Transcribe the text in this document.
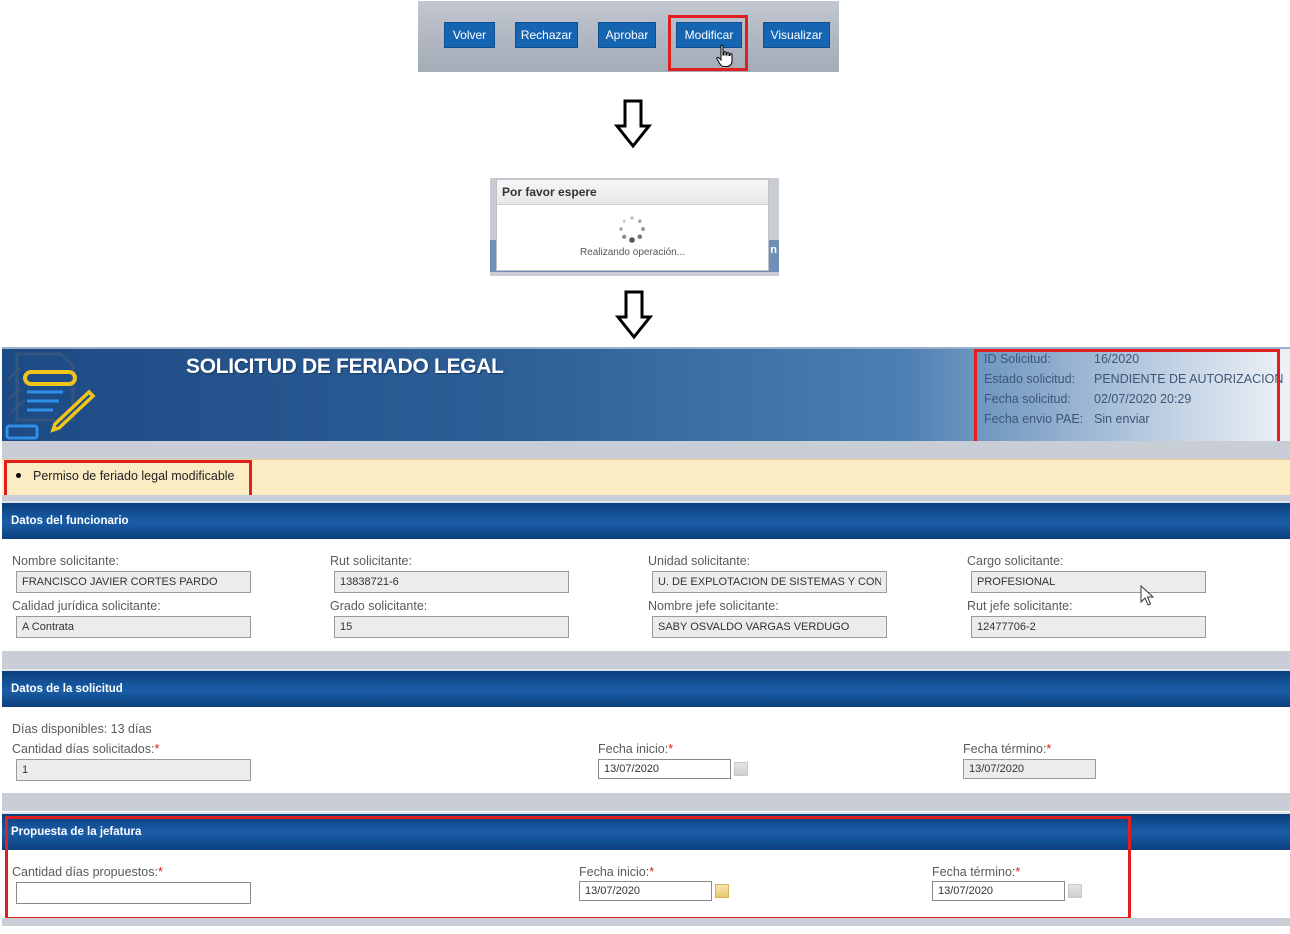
Volver	Rechazar	Aprobar	Modificar	Visualizar
n
Por favor espere
Realizando operación...
SOLICITUD DE FERIADO LEGAL	ID Solicitud:	16/2020
Estado solicitud: PENDIENTE DE AUTORIZACION
Fecha solicitud: 02/07/2020 20:29
Fecha envio PAE: Sin enviar
Permiso de feriado legal modificable
Datos del funcionario
Nombre solicitante:
FRANCISCO JAVIER CORTES PARDO	Rut solicitante:
13838721-6	Unidad solicitante:
U. DE EXPLOTACION DE SISTEMAS Y CONTROL	Cargo solicitante:
PROFESIONAL
Calidad jurídica solicitante:
A Contrata	Grado solicitante:
15	Nombre jefe solicitante:
SABY OSVALDO VARGAS VERDUGO	Rut jefe solicitante:
12477706-2
Datos de la solicitud
Días disponibles: 13 días
Cantidad días solicitados:*
1	Fecha inicio:*
13/07/2020	Fecha término:*
13/07/2020
Propuesta de la jefatura
Cantidad días propuestos:*	Fecha inicio:*
13/07/2020	Fecha término:*
13/07/2020
